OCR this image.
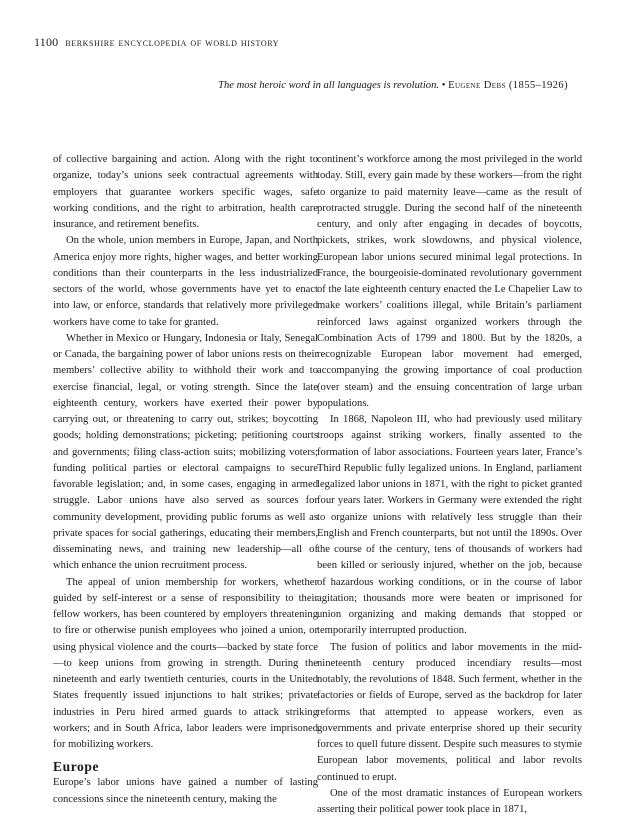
1100 berkshire encyclopedia of world history
The most heroic word in all languages is revolution. • Eugene Debs (1855–1926)

of collective bargaining and action. Along with the right to organize, today’s unions seek contractual agreements with employers that guarantee workers specific wages, safe working conditions, and the right to arbitration, health care insurance, and retirement benefits.

On the whole, union members in Europe, Japan, and North America enjoy more rights, higher wages, and better working conditions than their counterparts in the less industrialized sectors of the world, whose governments have yet to enact into law, or enforce, standards that relatively more privileged workers have come to take for granted.

Whether in Mexico or Hungary, Indonesia or Italy, Senegal or Canada, the bargaining power of labor unions rests on their members’ collective ability to withhold their work and to exercise financial, legal, or voting strength. Since the late eighteenth century, workers have exerted their power by carrying out, or threatening to carry out, strikes; boycotting goods; holding demonstrations; picketing; petitioning courts and governments; filing class-action suits; mobilizing voters; funding political parties or electoral campaigns to secure favorable legislation; and, in some cases, engaging in armed struggle. Labor unions have also served as sources for community development, providing public forums as well as private spaces for social gatherings, educating their members, disseminating news, and training new leadership—all of which enhance the union recruitment process.

The appeal of union membership for workers, whether guided by self-interest or a sense of responsibility to their fellow workers, has been countered by employers threatening to fire or otherwise punish employees who joined a union, or using physical violence and the courts—backed by state force—to keep unions from growing in strength. During the nineteenth and early twentieth centuries, courts in the United States frequently issued injunctions to halt strikes; private industries in Peru hired armed guards to attack striking workers; and in South Africa, labor leaders were imprisoned for mobilizing workers.

Europe

Europe’s labor unions have gained a number of lasting concessions since the nineteenth century, making the

continent’s workforce among the most privileged in the world today. Still, every gain made by these workers—from the right to organize to paid maternity leave—came as the result of protracted struggle. During the second half of the nineteenth century, and only after engaging in decades of boycotts, pickets, strikes, work slowdowns, and physical violence, European labor unions secured minimal legal protections. In France, the bourgeoisie-dominated revolutionary government of the late eighteenth century enacted the Le Chapelier Law to make workers’ coalitions illegal, while Britain’s parliament reinforced laws against organized workers through the Combination Acts of 1799 and 1800. But by the 1820s, a recognizable European labor movement had emerged, accompanying the growing importance of coal production (over steam) and the ensuing concentration of large urban populations.

In 1868, Napoleon III, who had previously used military troops against striking workers, finally assented to the formation of labor associations. Fourteen years later, France’s Third Republic fully legalized unions. In England, parliament legalized labor unions in 1871, with the right to picket granted four years later. Workers in Germany were extended the right to organize unions with relatively less struggle than their English and French counterparts, but not until the 1890s. Over the course of the century, tens of thousands of workers had been killed or seriously injured, whether on the job, because of hazardous working conditions, or in the course of labor agitation; thousands more were beaten or imprisoned for union organizing and making demands that stopped or temporarily interrupted production.

The fusion of politics and labor movements in the mid-nineteenth century produced incendiary results—most notably, the revolutions of 1848. Such ferment, whether in the factories or fields of Europe, served as the backdrop for later reforms that attempted to appease workers, even as governments and private enterprise shored up their security forces to quell future dissent. Despite such measures to stymie European labor movements, political and labor revolts continued to erupt.

One of the most dramatic instances of European workers asserting their political power took place in 1871,
